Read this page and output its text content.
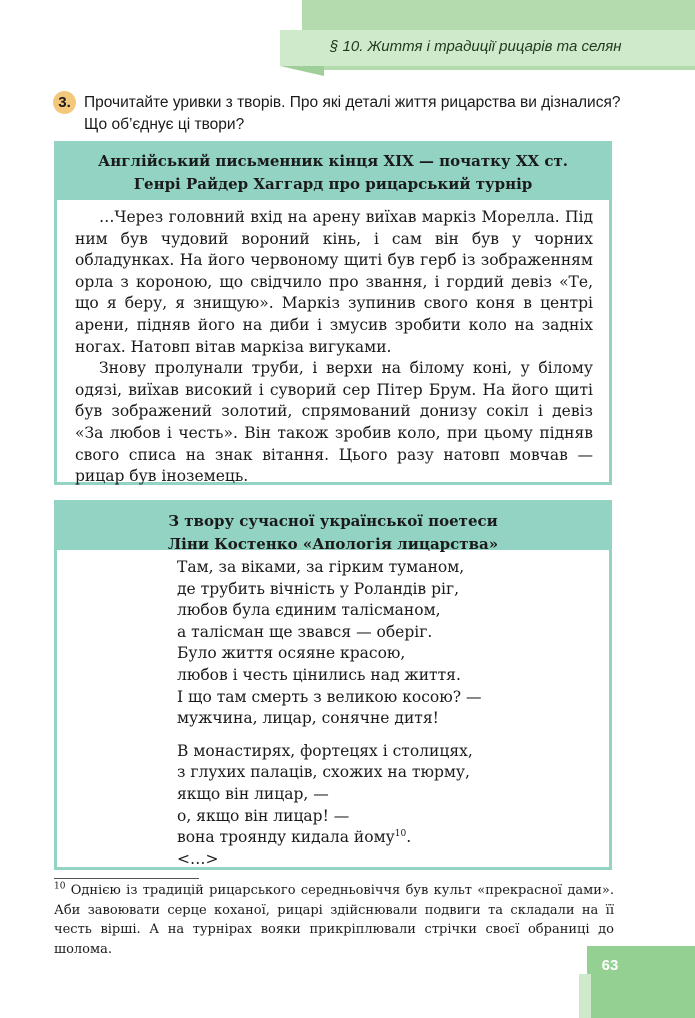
§ 10. Життя і традиції рицарів та селян
3. Прочитайте уривки з творів. Про які деталі життя рицарства ви дізналися? Що об’єднує ці твори?
Англійський письменник кінця XIX — початку XX ст.
Генрі Райдер Хаггард про рицарський турнір

…Через головний вхід на арену виїхав маркіз Морелла. Під ним був чудовий вороний кінь, і сам він був у чорних обладунках. На його червоному щиті був герб із зображенням орла з короною, що свідчило про звання, і гордий девіз «Те, що я беру, я знищую». Маркіз зупинив свого коня в центрі арени, підняв його на диби і змусив зробити коло на задніх ногах. Натовп вітав маркіза вигуками.

Знову пролунали труби, і верхи на білому коні, у білому одязі, виїхав високий і суворий сер Пітер Брум. На його щиті був зображений золотий, спрямований донизу сокіл і девіз «За любов і честь». Він також зробив коло, при цьому підняв свого списа на знак вітання. Цього разу натовп мовчав — рицар був іноземець.

З твору сучасної української поетеси
Ліни Костенко «Апологія лицарства»
Там, за віками, за гірким туманом,
де трубить вічність у Роландів ріг,
любов була єдиним талісманом,
а талісман ще звався — оберіг.
Було життя осяяне красою,
любов і честь цінились над життя.
І що там смерть з великою косою? —
мужчина, лицар, сонячне дитя!
В монастирях, фортецях і столицях,
з глухих палаців, схожих на тюрму,
якщо він лицар, —
о, якщо він лицар! —
вона троянду кидала йому$^{10}$.
<…>
$^{10}$ Однією із традицій рицарського середньовіччя був культ «прекрасної дами». Аби завоювати серце коханої, рицарі здійснювали подвиги та складали на її честь вірші. А на турнірах вояки прикріплювали стрічки своєї обраниці до шолома.
63
